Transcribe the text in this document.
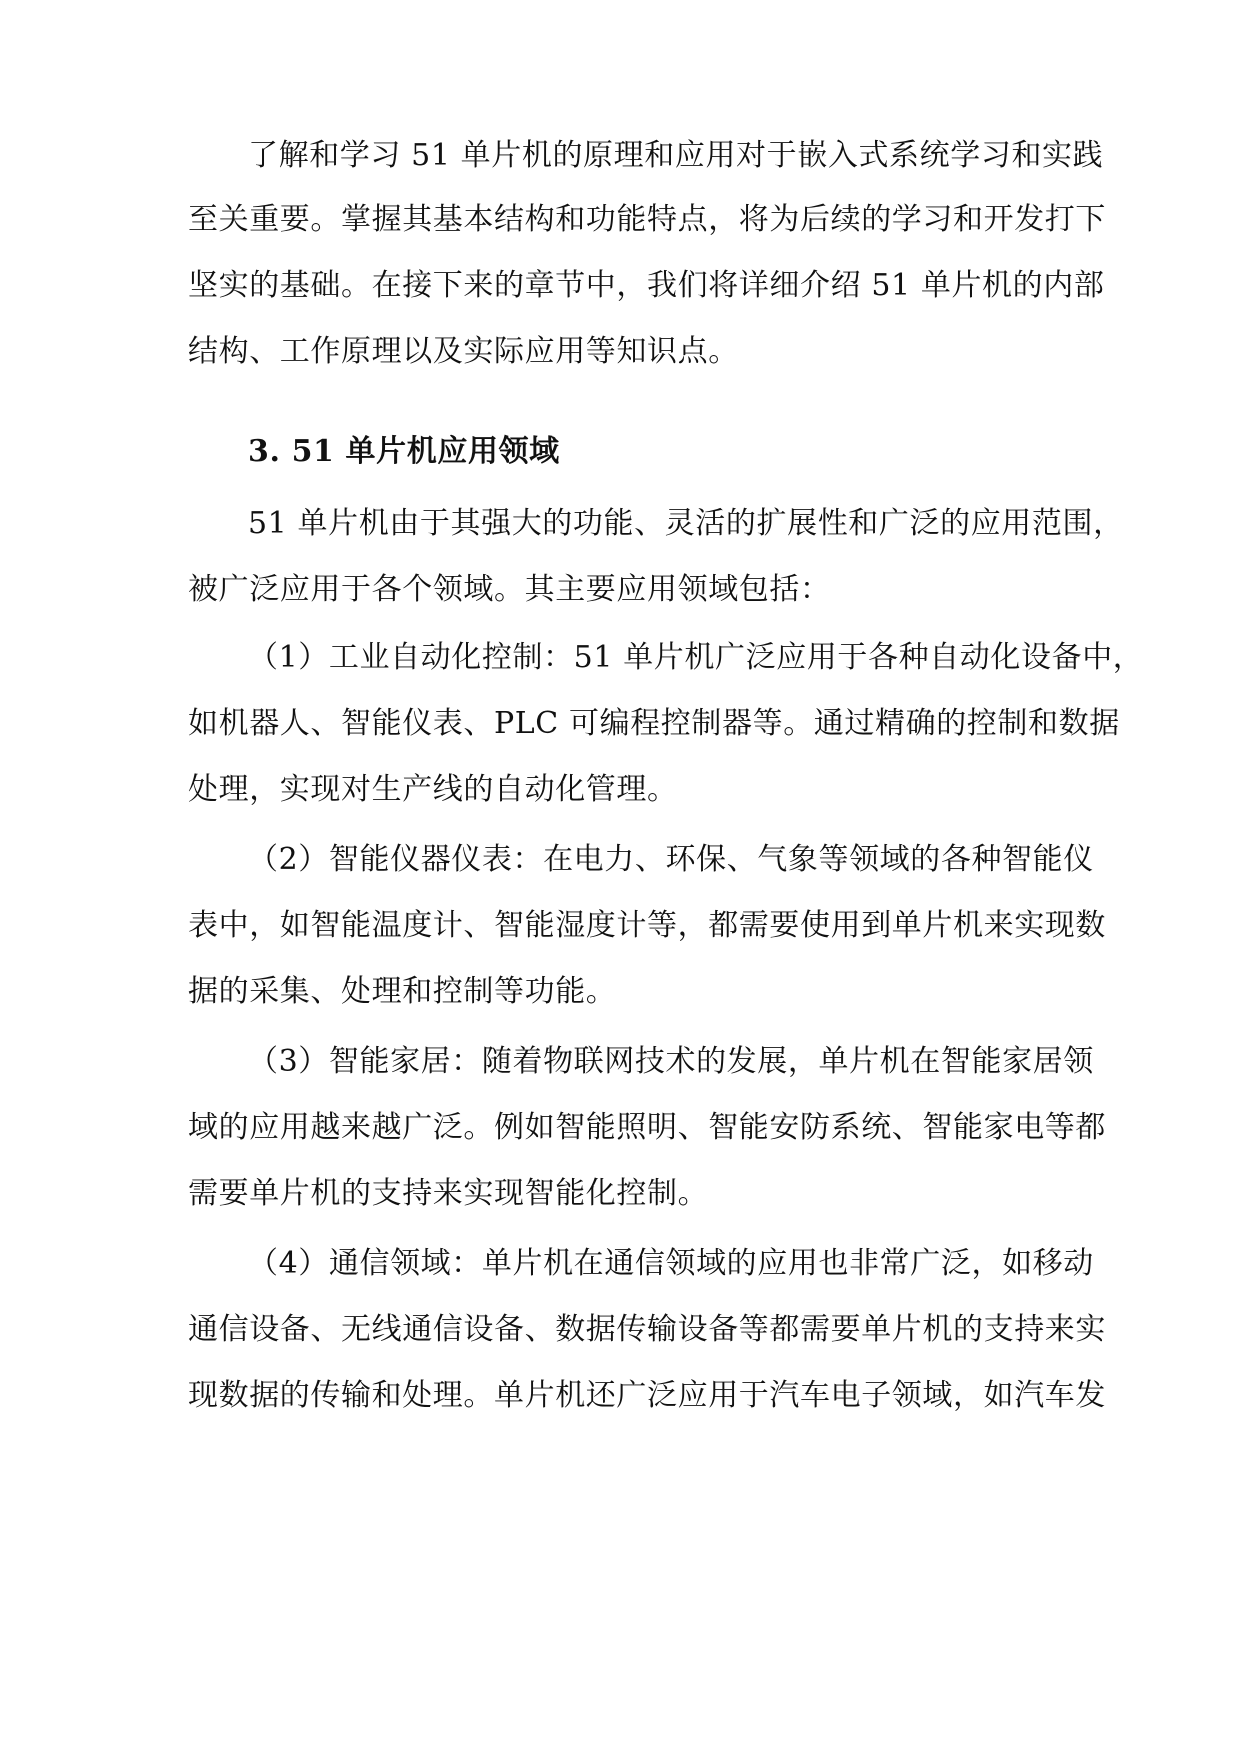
了解和学习 51 单片机的原理和应用对于嵌入式系统学习和实践
至关重要。掌握其基本结构和功能特点，将为后续的学习和开发打下
坚实的基础。在接下来的章节中，我们将详细介绍 51 单片机的内部
结构、工作原理以及实际应用等知识点。
3. 51 单片机应用领域
51 单片机由于其强大的功能、灵活的扩展性和广泛的应用范围，
被广泛应用于各个领域。其主要应用领域包括：
（1）工业自动化控制：51 单片机广泛应用于各种自动化设备中，
如机器人、智能仪表、PLC 可编程控制器等。通过精确的控制和数据
处理，实现对生产线的自动化管理。
（2）智能仪器仪表：在电力、环保、气象等领域的各种智能仪
表中，如智能温度计、智能湿度计等，都需要使用到单片机来实现数
据的采集、处理和控制等功能。
（3）智能家居：随着物联网技术的发展，单片机在智能家居领
域的应用越来越广泛。例如智能照明、智能安防系统、智能家电等都
需要单片机的支持来实现智能化控制。
（4）通信领域：单片机在通信领域的应用也非常广泛，如移动
通信设备、无线通信设备、数据传输设备等都需要单片机的支持来实
现数据的传输和处理。单片机还广泛应用于汽车电子领域，如汽车发
